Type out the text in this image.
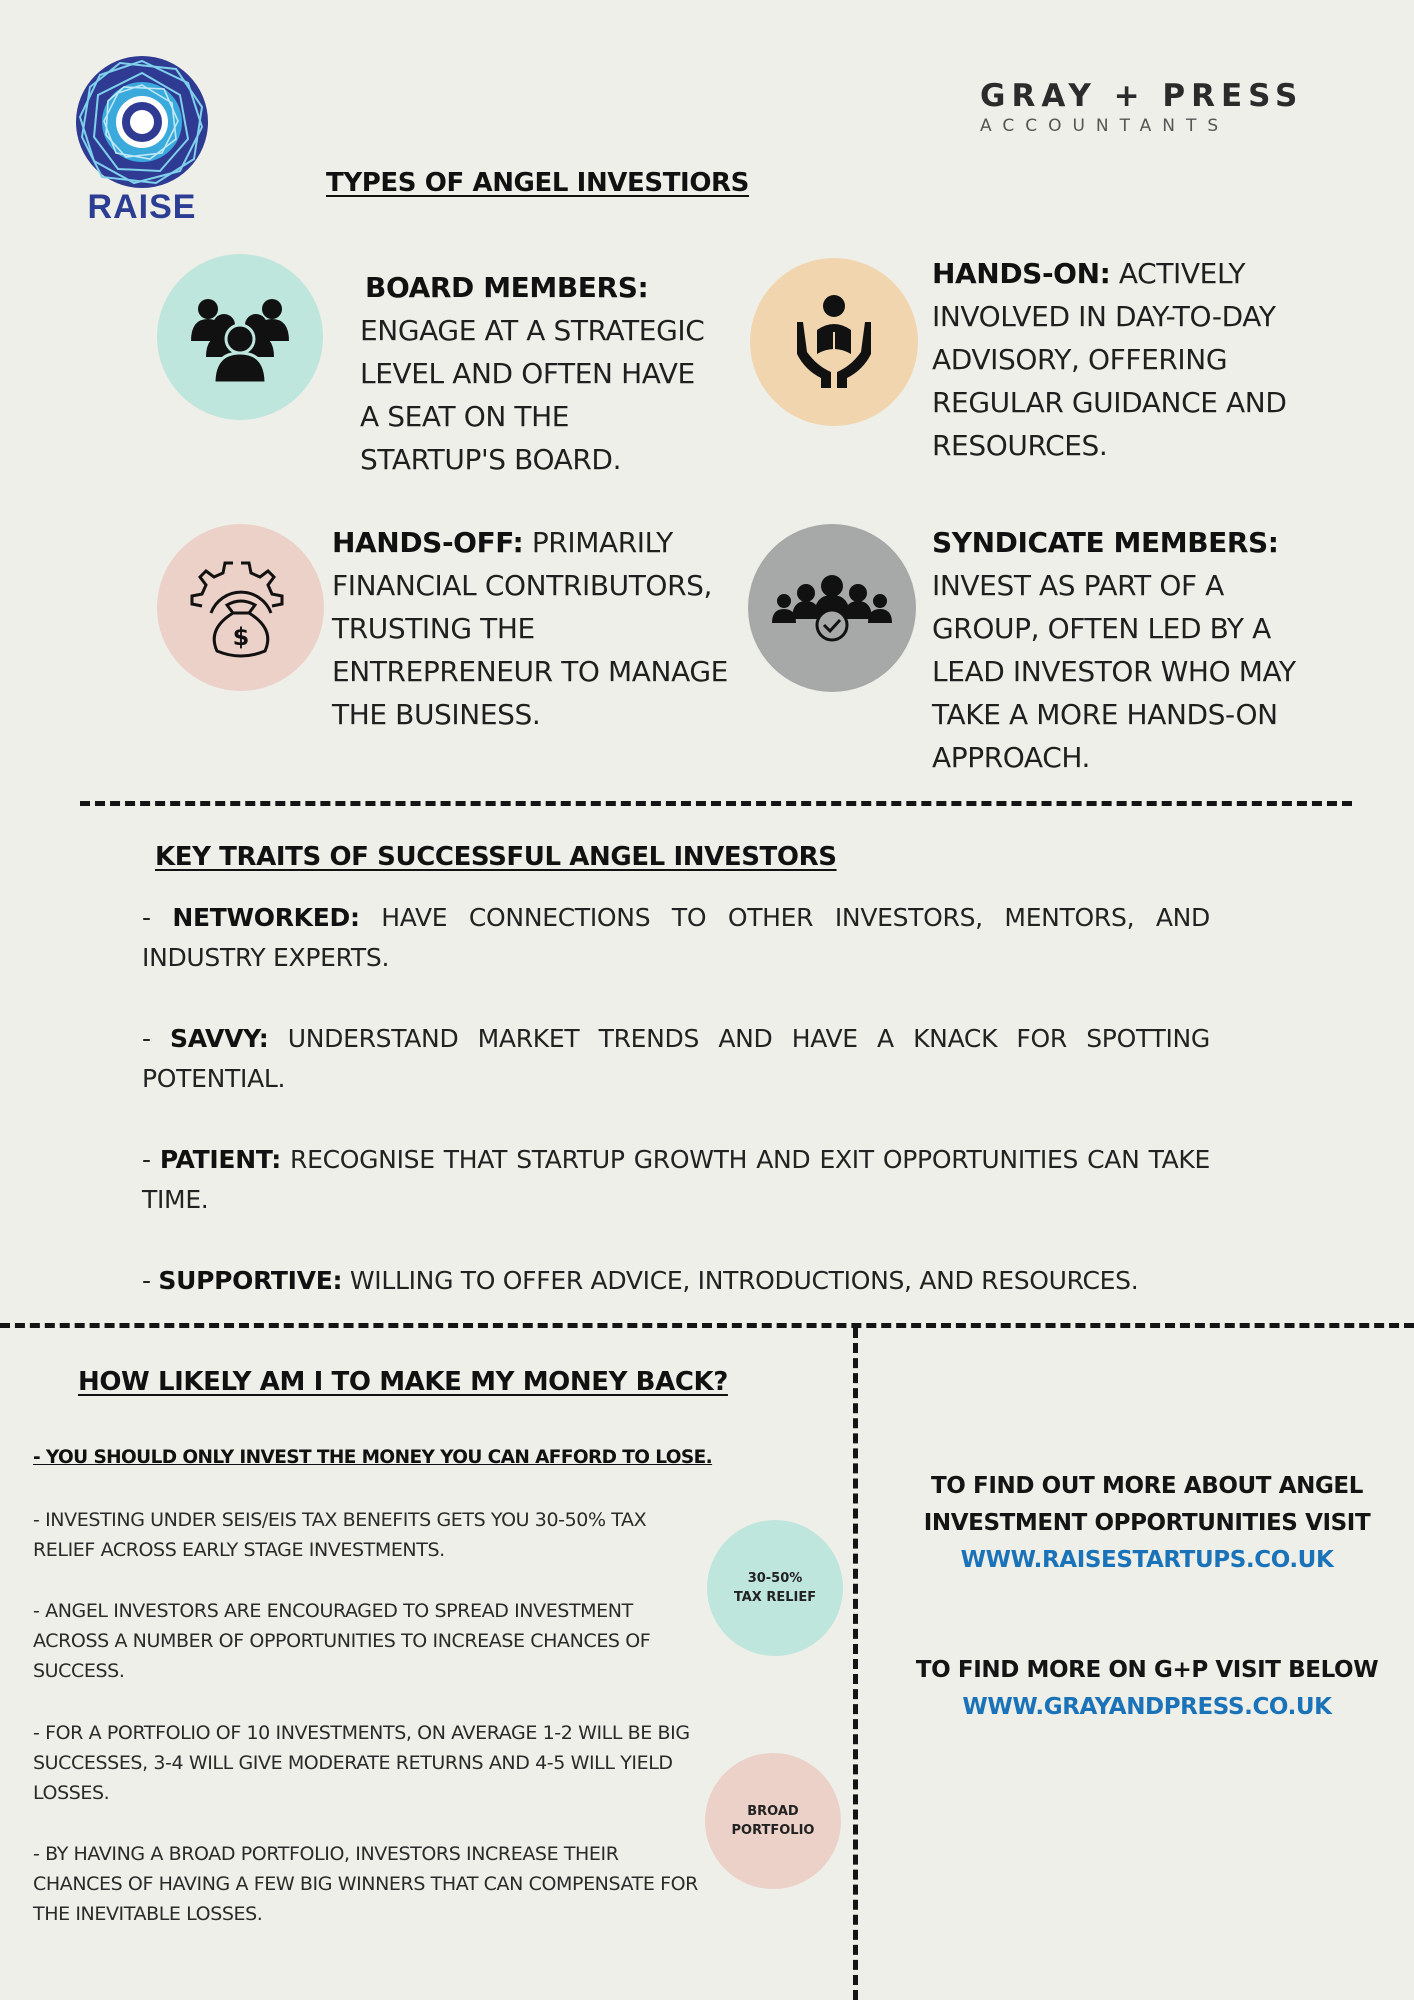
RAISE
GRAY + PRESS
ACCOUNTANTS
TYPES OF ANGEL INVESTIORS
BOARD MEMBERS:
ENGAGE AT A STRATEGIC LEVEL AND OFTEN HAVE A SEAT ON THE STARTUP'S BOARD.
HANDS-ON: ACTIVELY INVOLVED IN DAY-TO-DAY ADVISORY, OFFERING REGULAR GUIDANCE AND RESOURCES.
$
HANDS-OFF: PRIMARILY FINANCIAL CONTRIBUTORS, TRUSTING THE ENTREPRENEUR TO MANAGE THE BUSINESS.
SYNDICATE MEMBERS:
INVEST AS PART OF A GROUP, OFTEN LED BY A LEAD INVESTOR WHO MAY TAKE A MORE HANDS-ON APPROACH.
KEY TRAITS OF SUCCESSFUL ANGEL INVESTORS
- NETWORKED: HAVE CONNECTIONS TO OTHER INVESTORS, MENTORS, AND INDUSTRY EXPERTS.
- SAVVY: UNDERSTAND MARKET TRENDS AND HAVE A KNACK FOR SPOTTING POTENTIAL.
- PATIENT: RECOGNISE THAT STARTUP GROWTH AND EXIT OPPORTUNITIES CAN TAKE TIME.
- SUPPORTIVE: WILLING TO OFFER ADVICE, INTRODUCTIONS, AND RESOURCES.
HOW LIKELY AM I TO MAKE MY MONEY BACK?
- YOU SHOULD ONLY INVEST THE MONEY YOU CAN AFFORD TO LOSE.
- INVESTING UNDER SEIS/EIS TAX BENEFITS GETS YOU 30-50% TAX RELIEF ACROSS EARLY STAGE INVESTMENTS.
- ANGEL INVESTORS ARE ENCOURAGED TO SPREAD INVESTMENT ACROSS A NUMBER OF OPPORTUNITIES TO INCREASE CHANCES OF SUCCESS.
- FOR A PORTFOLIO OF 10 INVESTMENTS, ON AVERAGE 1-2 WILL BE BIG SUCCESSES, 3-4 WILL GIVE MODERATE RETURNS AND 4-5 WILL YIELD LOSSES.
- BY HAVING A BROAD PORTFOLIO, INVESTORS INCREASE THEIR CHANCES OF HAVING A FEW BIG WINNERS THAT CAN COMPENSATE FOR THE INEVITABLE LOSSES.
30-50%
TAX RELIEF
BROAD
PORTFOLIO
TO FIND OUT MORE ABOUT ANGEL
INVESTMENT OPPORTUNITIES VISIT
WWW.RAISESTARTUPS.CO.UK
TO FIND MORE ON G+P VISIT BELOW
WWW.GRAYANDPRESS.CO.UK
